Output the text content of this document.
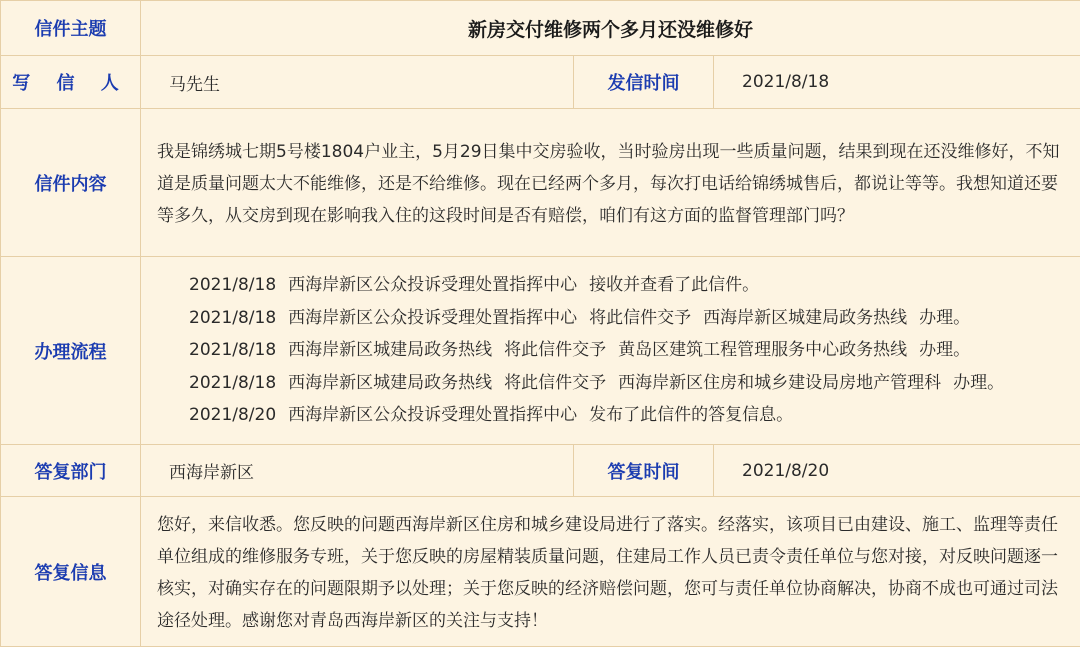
信件主题	新房交付维修两个多月还没维修好		
写 信 人	马先生	发信时间	2021/8/18
信件内容	我是锦绣城七期5号楼1804户业主，5月29日集中交房验收，当时验房出现一些质量问题，结果到现在还没维修好，不知道是质量问题太大不能维修，还是不给维修。现在已经两个多月，每次打电话给锦绣城售后，都说让等等。我想知道还要等多久，从交房到现在影响我入住的这段时间是否有赔偿，咱们有这方面的监督管理部门吗？		
办理流程	2021/8/18 西海岸新区公众投诉受理处置指挥中心 接收并查看了此信件。
2021/8/18 西海岸新区公众投诉受理处置指挥中心 将此信件交予 西海岸新区城建局政务热线 办理。
2021/8/18 西海岸新区城建局政务热线 将此信件交予 黄岛区建筑工程管理服务中心政务热线 办理。
2021/8/18 西海岸新区城建局政务热线 将此信件交予 西海岸新区住房和城乡建设局房地产管理科 办理。
2021/8/20 西海岸新区公众投诉受理处置指挥中心 发布了此信件的答复信息。		

答复部门	西海岸新区	答复时间	2021/8/20
答复信息	您好，来信收悉。您反映的问题西海岸新区住房和城乡建设局进行了落实。经落实，该项目已由建设、施工、监理等责任单位组成的维修服务专班，关于您反映的房屋精装质量问题，住建局工作人员已责令责任单位与您对接，对反映问题逐一核实，对确实存在的问题限期予以处理；关于您反映的经济赔偿问题，您可与责任单位协商解决，协商不成也可通过司法途径处理。感谢您对青岛西海岸新区的关注与支持！		
